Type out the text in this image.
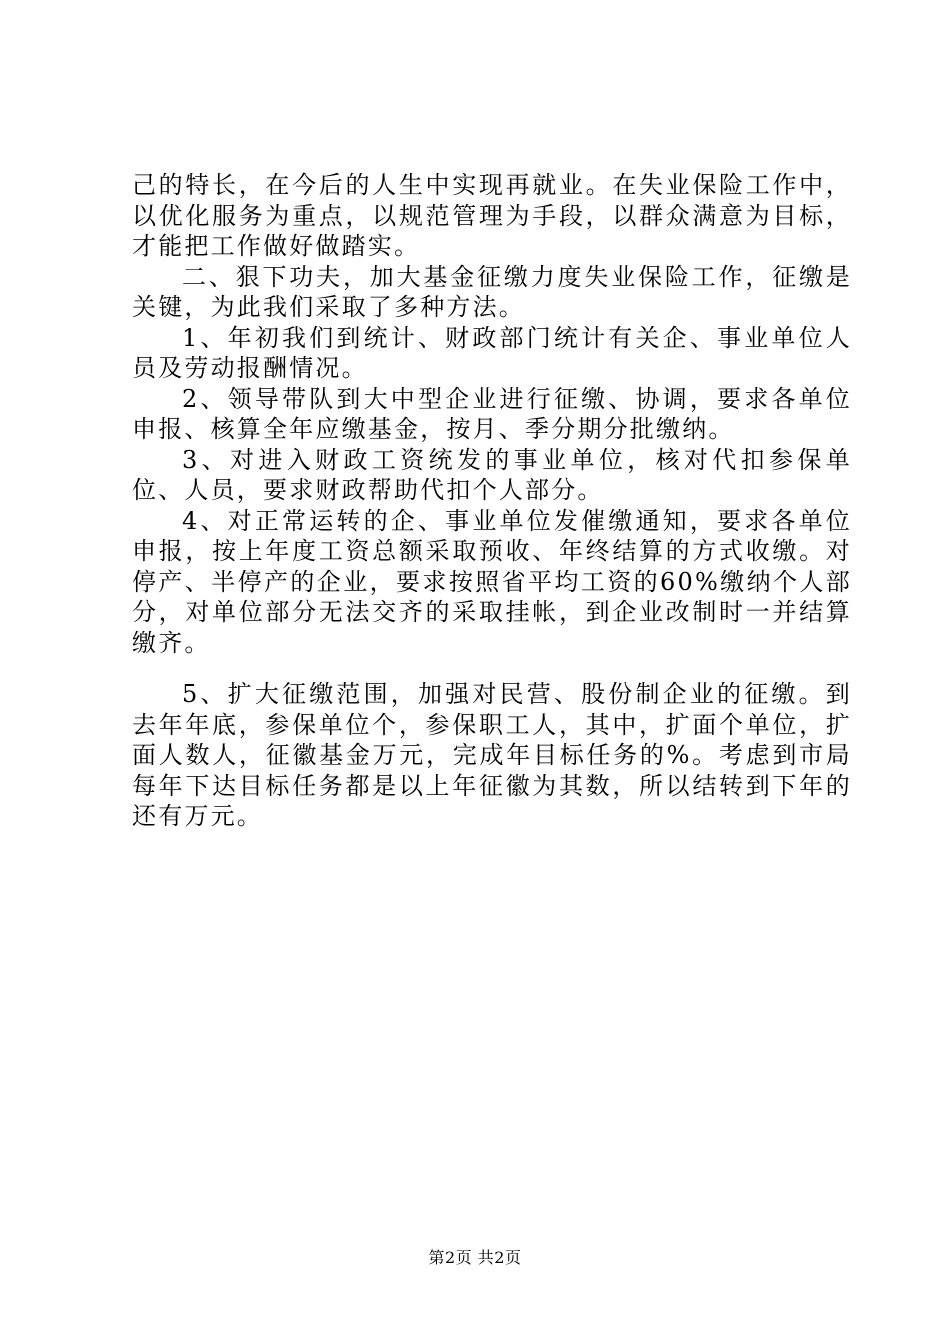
己的特长，在今后的人生中实现再就业。在失业保险工作中，以优化服务为重点，以规范管理为手段，以群众满意为目标，才能把工作做好做踏实。

二、狠下功夫，加大基金征缴力度失业保险工作，征缴是关键，为此我们采取了多种方法。

1、年初我们到统计、财政部门统计有关企、事业单位人员及劳动报酬情况。

2、领导带队到大中型企业进行征缴、协调，要求各单位申报、核算全年应缴基金，按月、季分期分批缴纳。

3、对进入财政工资统发的事业单位，核对代扣参保单位、人员，要求财政帮助代扣个人部分。

4、对正常运转的企、事业单位发催缴通知，要求各单位申报，按上年度工资总额采取预收、年终结算的方式收缴。对停产、半停产的企业，要求按照省平均工资的60%缴纳个人部分，对单位部分无法交齐的采取挂帐，到企业改制时一并结算缴齐。

5、扩大征缴范围，加强对民营、股份制企业的征缴。到去年年底，参保单位个，参保职工人，其中，扩面个单位，扩面人数人，征徽基金万元，完成年目标任务的%。考虑到市局每年下达目标任务都是以上年征徽为其数，所以结转到下年的还有万元。

第2页 共2页
